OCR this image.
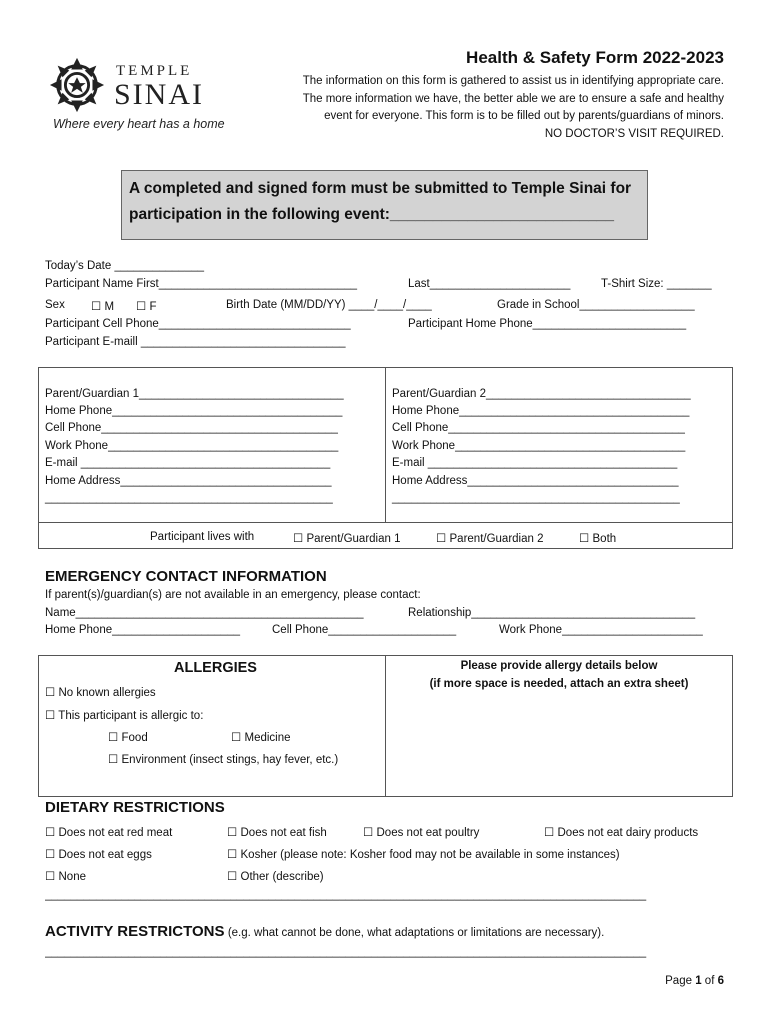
TEMPLE
SINAI
Where every heart has a home
Health & Safety Form 2022-2023
The information on this form is gathered to assist us in identifying appropriate care.
The more information we have, the better able we are to ensure a safe and healthy
event for everyone. This form is to be filled out by parents/guardians of minors.
NO DOCTOR’S VISIT REQUIRED.
A completed and signed form must be submitted to Temple Sinai for
participation in the following event:__________________________
Today’s Date ______________
Participant Name First_______________________________	Last______________________	T-Shirt Size: _______
Sex ☐ M ☐ F	Birth Date (MM/DD/YY) ____/____/____	Grade in School__________________
Participant Cell Phone______________________________	Participant Home Phone________________________
Participant E-maill ________________________________
Parent/Guardian 1________________________________
Home Phone____________________________________
Cell Phone_____________________________________
Work Phone____________________________________
E-mail _______________________________________
Home Address_________________________________
_____________________________________________
Parent/Guardian 2________________________________
Home Phone____________________________________
Cell Phone_____________________________________
Work Phone____________________________________
E-mail _______________________________________
Home Address_________________________________
_____________________________________________
Participant lives with	☐ Parent/Guardian 1	☐ Parent/Guardian 2	☐ Both
EMERGENCY CONTACT INFORMATION
If parent(s)/guardian(s) are not available in an emergency, please contact:
Name_____________________________________________	Relationship___________________________________
Home Phone____________________	Cell Phone____________________	Work Phone______________________
ALLERGIES
☐ No known allergies
☐ This participant is allergic to:
☐ Food	☐ Medicine
☐ Environment (insect stings, hay fever, etc.)
Please provide allergy details below
(if more space is needed, attach an extra sheet)
DIETARY RESTRICTIONS
☐ Does not eat red meat	☐ Does not eat fish	☐ Does not eat poultry	☐ Does not eat dairy products
☐ Does not eat eggs	☐ Kosher (please note: Kosher food may not be available in some instances)
☐ None	☐ Other (describe)
______________________________________________________________________________________________
ACTIVITY RESTRICTONS (e.g. what cannot be done, what adaptations or limitations are necessary).
______________________________________________________________________________________________
Page 1 of 6
